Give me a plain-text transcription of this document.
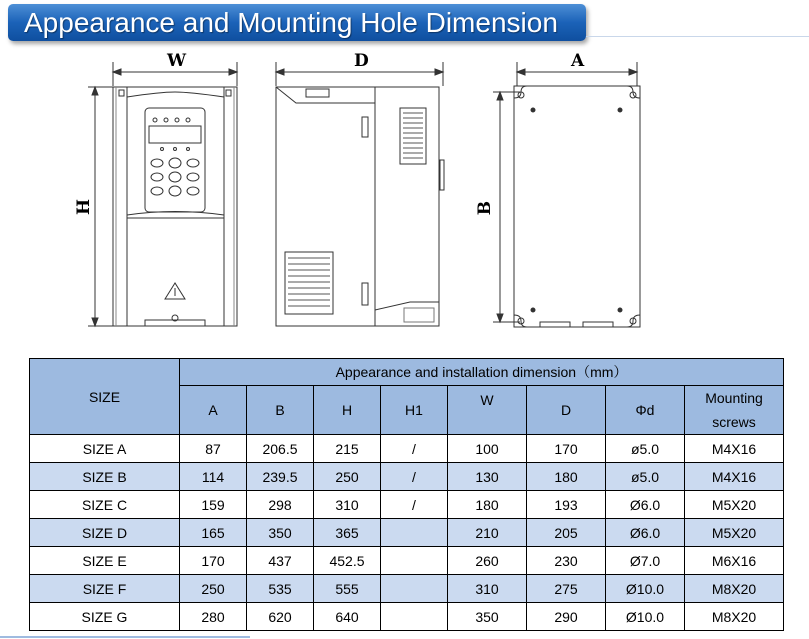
Appearance and Mounting Hole Dimension
W
H
D	A
B
SIZE	Appearance and installation dimension（mm）							
	A	B	H	H1	W	D	Φd	Mounting screws
SIZE A	87	206.5	215	/	100	170	ø5.0	M4X16
SIZE B	114	239.5	250	/	130	180	ø5.0	M4X16
SIZE C	159	298	310	/	180	193	Ø6.0	M5X20
SIZE D	165	350	365		210	205	Ø6.0	M5X20
SIZE E	170	437	452.5		260	230	Ø7.0	M6X16
SIZE F	250	535	555		310	275	Ø10.0	M8X20
SIZE G	280	620	640		350	290	Ø10.0	M8X20
